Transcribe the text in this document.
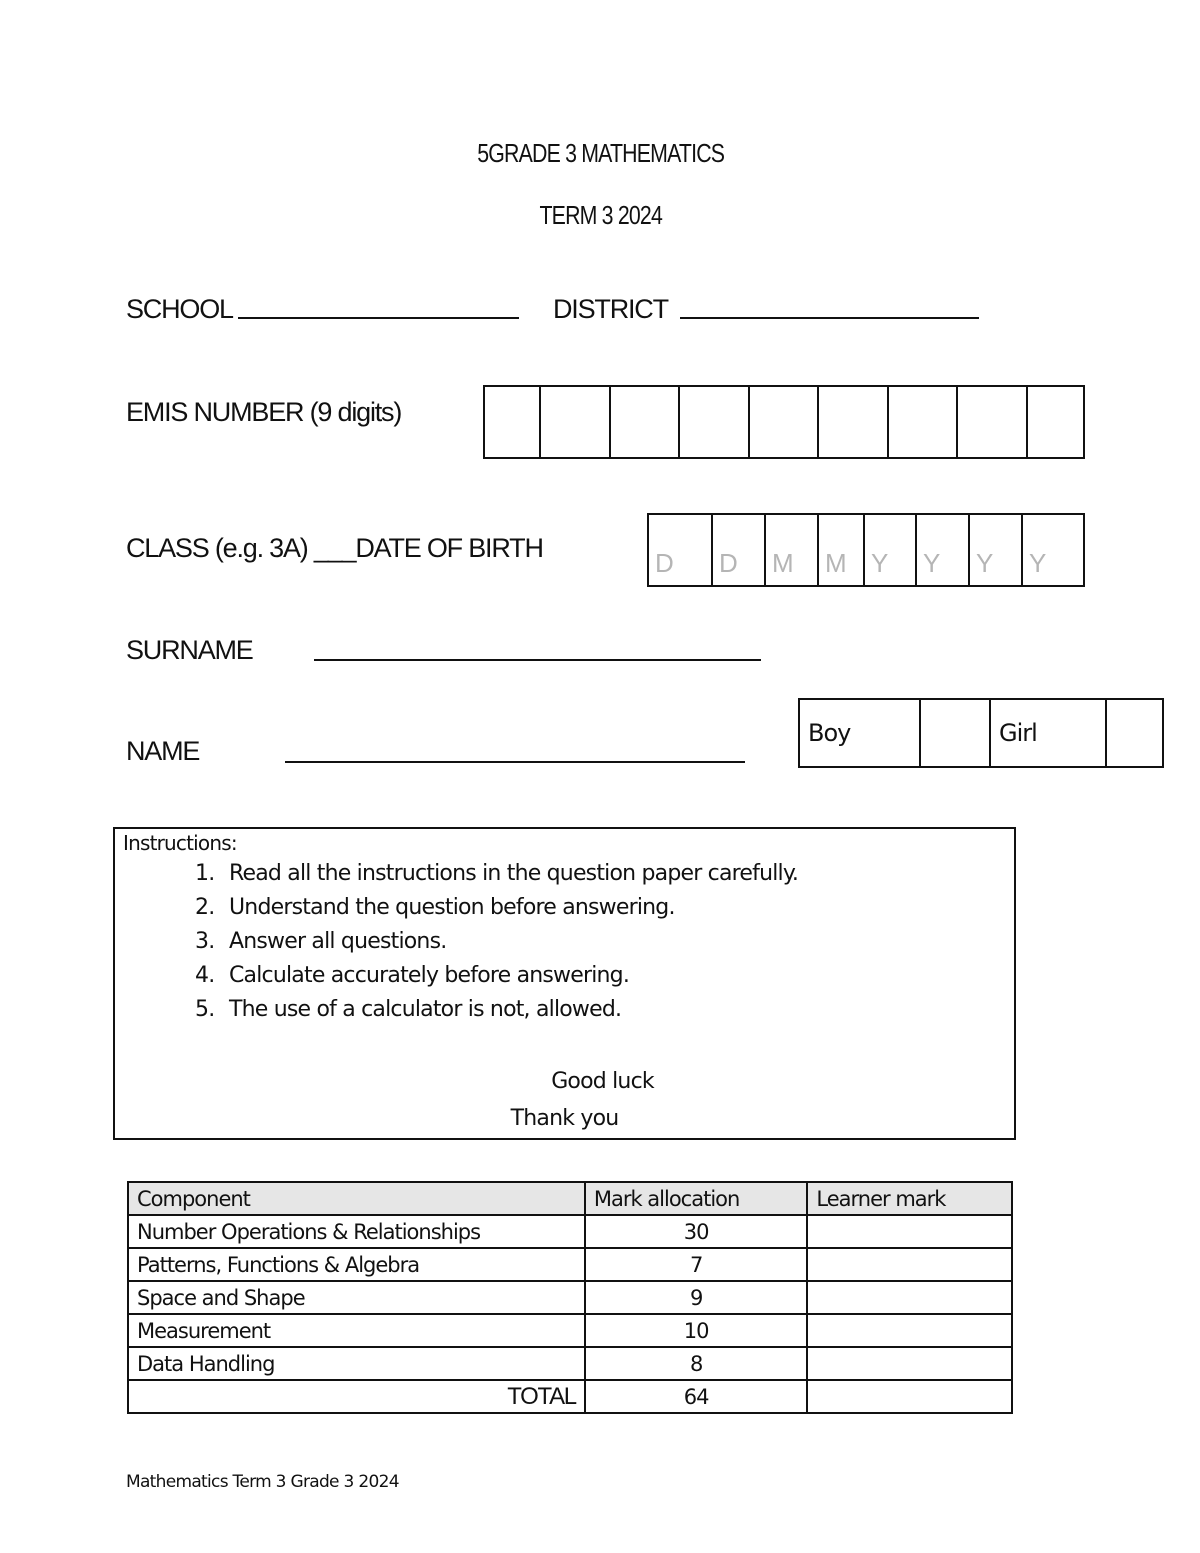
5GRADE 3 MATHEMATICS
TERM 3 2024
SCHOOL	DISTRICT
EMIS NUMBER (9 digits)
CLASS (e.g. 3A) ___DATE OF BIRTH	D	D	M	M Y	Y	Y	Y
SURNAME
NAME
Boy	Girl
Instructions:
1. Read all the instructions in the question paper carefully.
2. Understand the question before answering.
3. Answer all questions.
4. Calculate accurately before answering.
5. The use of a calculator is not, allowed.
Good luck
Thank you
Component	Mark allocation	Learner mark
Number Operations & Relationships	30	
Patterns, Functions & Algebra	7	
Space and Shape	9	
Measurement	10	
Data Handling	8	
TOTAL	64	
Mathematics Term 3 Grade 3 2024
